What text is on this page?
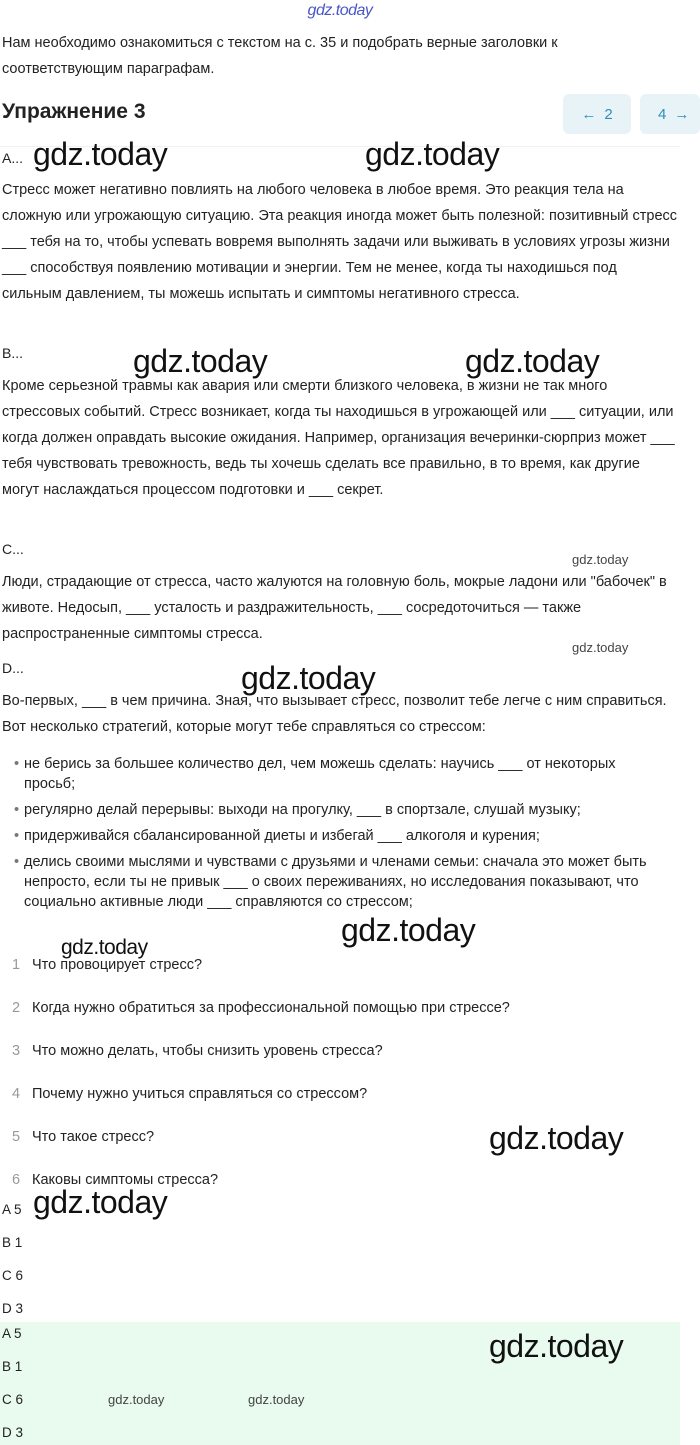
gdz.today
Нам необходимо ознакомиться с текстом на с. 35 и подобрать верные заголовки к соответствующим параграфам.
Упражнение 3	← 2	4 →
A...
Стресс может негативно повлиять на любого человека в любое время. Это реакция тела на сложную или угрожающую ситуацию. Эта реакция иногда может быть полезной: позитивный стресс ___ тебя на то, чтобы успевать вовремя выполнять задачи или выживать в условиях угрозы жизни ___ способствуя появлению мотивации и энергии. Тем не менее, когда ты находишься под сильным давлением, ты можешь испытать и симптомы негативного стресса.
B...
Кроме серьезной травмы как авария или смерти близкого человека, в жизни не так много стрессовых событий. Стресс возникает, когда ты находишься в угрожающей или ___ ситуации, или когда должен оправдать высокие ожидания. Например, организация вечеринки-сюрприз может ___ тебя чувствовать тревожность, ведь ты хочешь сделать все правильно, в то время, как другие могут наслаждаться процессом подготовки и ___ секрет.
C...
Люди, страдающие от стресса, часто жалуются на головную боль, мокрые ладони или "бабочек" в животе. Недосып, ___ усталость и раздражительность, ___ сосредоточиться — также распространенные симптомы стресса.
D...
Во-первых, ___ в чем причина. Зная, что вызывает стресс, позволит тебе легче с ним справиться. Вот несколько стратегий, которые могут тебе справляться со стрессом:
• не берись за большее количество дел, чем можешь сделать: научись ___ от некоторых просьб;
• регулярно делай перерывы: выходи на прогулку, ___ в спортзале, слушай музыку;
• придерживайся сбалансированной диеты и избегай ___ алкоголя и курения;
• делись своими мыслями и чувствами с друзьями и членами семьи: сначала это может быть непросто, если ты не привык ___ о своих переживаниях, но исследования показывают, что социально активные люди ___ справляются со стрессом;
1 Что провоцирует стресс?
2 Когда нужно обратиться за профессиональной помощью при стрессе?
3 Что можно делать, чтобы снизить уровень стресса?
4 Почему нужно учиться справляться со стрессом?
5 Что такое стресс?
6 Каковы симптомы стресса?
A 5
B 1
C 6
D 3
A 5
B 1
C 6
D 3
gdz.today	gdz.today
gdz.today	gdz.today
gdz.today
gdz.today
gdz.today
gdz.today	gdz.today
gdz.today
gdz.today
gdz.today
gdz.today	gdz.today
